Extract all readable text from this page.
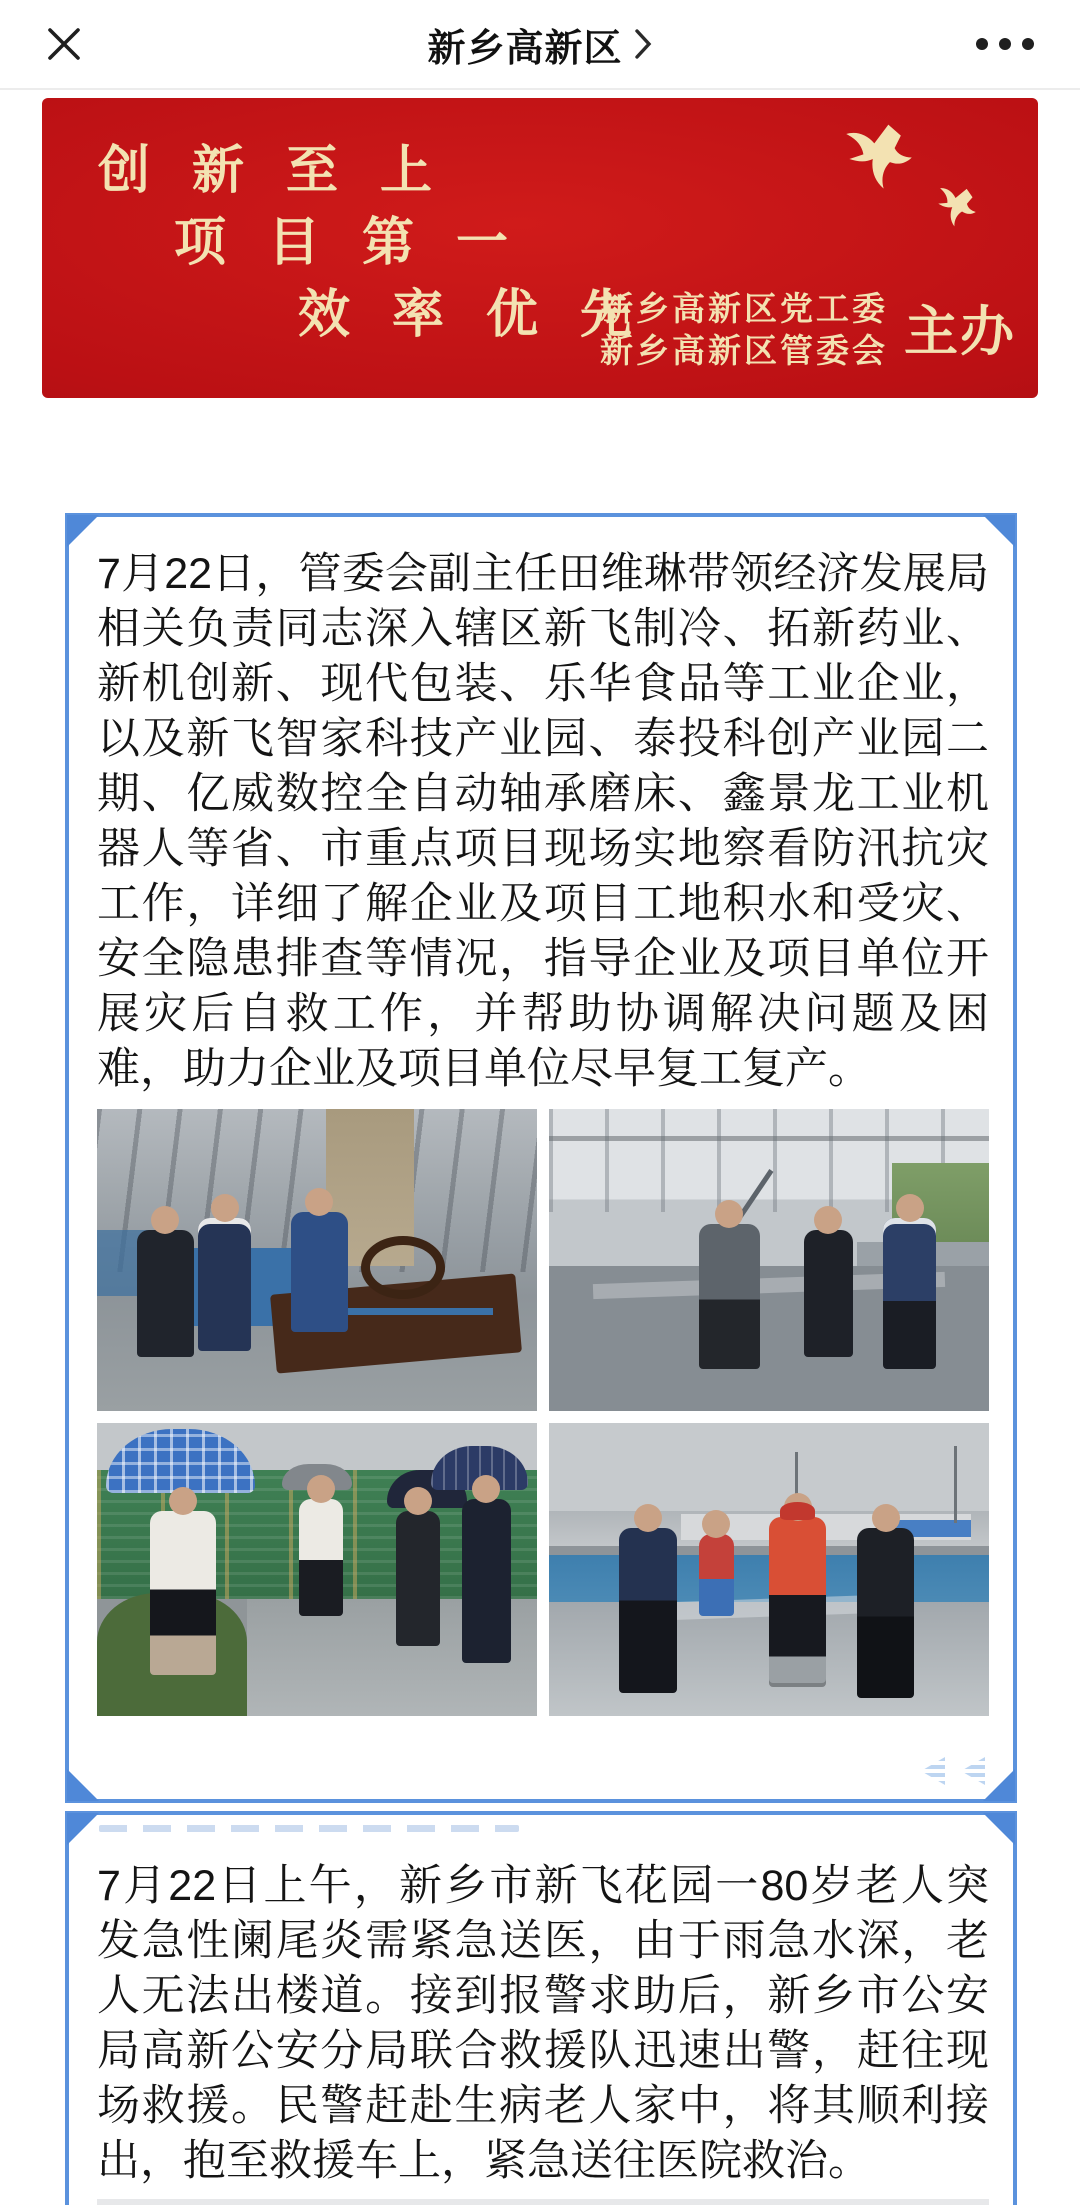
新乡高新区
创新至上
项目第一
效率优先
新乡高新区党工委
新乡高新区管委会 主办

7月22日，管委会副主任田维琳带领经济发展局相关负责同志深入辖区新飞制冷、拓新药业、新机创新、现代包装、乐华食品等工业企业，以及新飞智家科技产业园、泰投科创产业园二期、亿威数控全自动轴承磨床、鑫景龙工业机器人等省、市重点项目现场实地察看防汛抗灾工作，详细了解企业及项目工地积水和受灾、安全隐患排查等情况，指导企业及项目单位开展灾后自救工作，并帮助协调解决问题及困难，助力企业及项目单位尽早复工复产。

7月22日上午，新乡市新飞花园一80岁老人突发急性阑尾炎需紧急送医，由于雨急水深，老人无法出楼道。接到报警求助后，新乡市公安局高新公安分局联合救援队迅速出警，赶往现场救援。民警赶赴生病老人家中，将其顺利接出，抱至救援车上，紧急送往医院救治。
